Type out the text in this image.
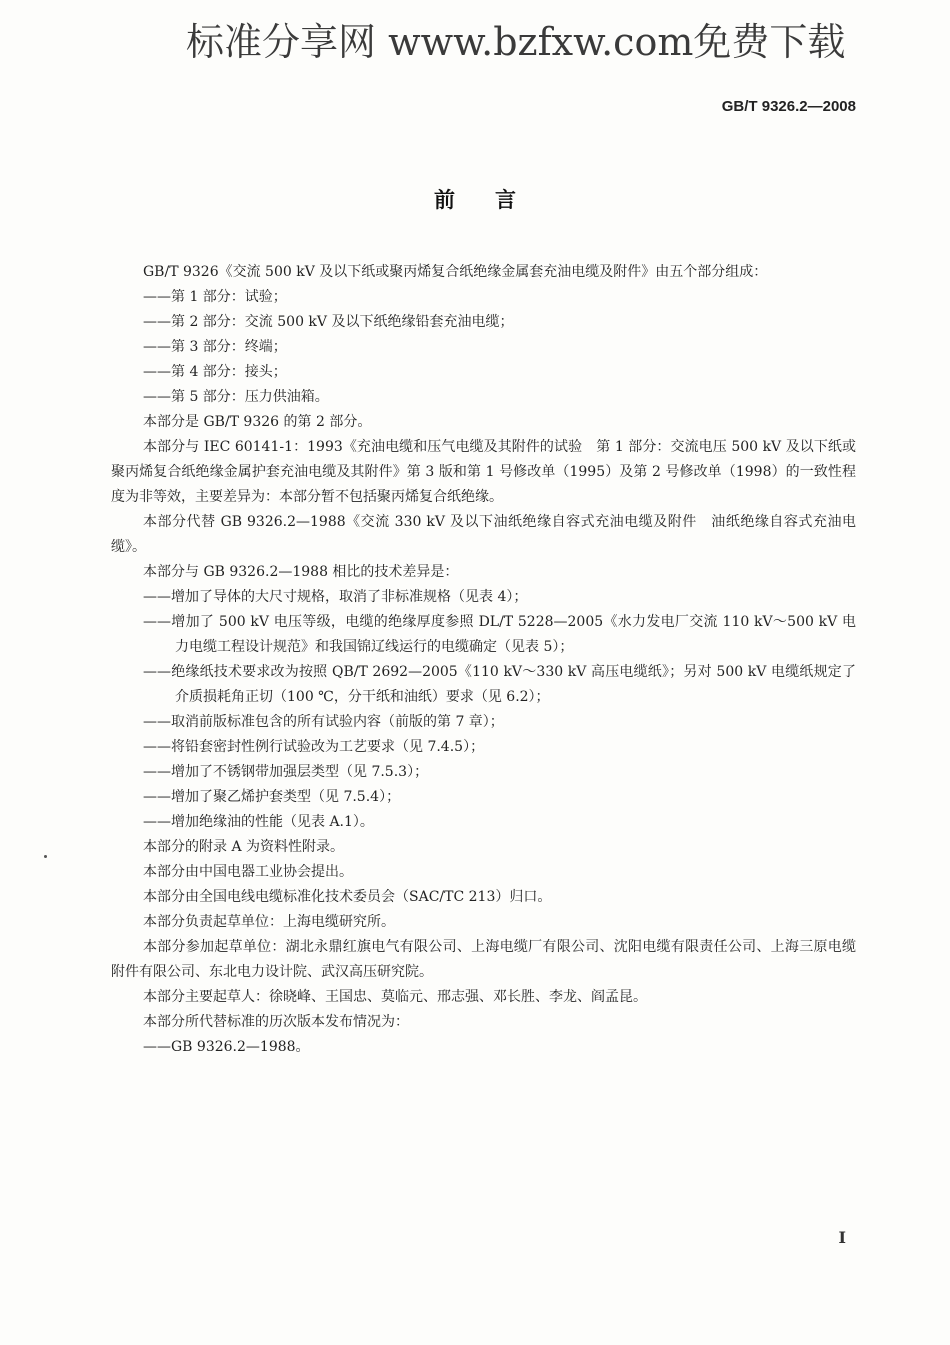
标准分享网 www.bzfxw.com免费下载
GB/T 9326.2—2008
前言

GB/T 9326《交流 500 kV 及以下纸或聚丙烯复合纸绝缘金属套充油电缆及附件》由五个部分组成：

——第 1 部分：试验；

——第 2 部分：交流 500 kV 及以下纸绝缘铅套充油电缆；

——第 3 部分：终端；

——第 4 部分：接头；

——第 5 部分：压力供油箱。

本部分是 GB/T 9326 的第 2 部分。

本部分与 IEC 60141-1：1993《充油电缆和压气电缆及其附件的试验　第 1 部分：交流电压 500 kV 及以下纸或聚丙烯复合纸绝缘金属护套充油电缆及其附件》第 3 版和第 1 号修改单（1995）及第 2 号修改单（1998）的一致性程度为非等效，主要差异为：本部分暂不包括聚丙烯复合纸绝缘。

本部分代替 GB 9326.2—1988《交流 330 kV 及以下油纸绝缘自容式充油电缆及附件　油纸绝缘自容式充油电缆》。

本部分与 GB 9326.2—1988 相比的技术差异是：

——增加了导体的大尺寸规格，取消了非标准规格（见表 4）；

——增加了 500 kV 电压等级，电缆的绝缘厚度参照 DL/T 5228—2005《水力发电厂交流 110 kV～500 kV 电力电缆工程设计规范》和我国锦辽线运行的电缆确定（见表 5）；

——绝缘纸技术要求改为按照 QB/T 2692—2005《110 kV～330 kV 高压电缆纸》；另对 500 kV 电缆纸规定了介质损耗角正切（100 ℃，分干纸和油纸）要求（见 6.2）；

——取消前版标准包含的所有试验内容（前版的第 7 章）；

——将铅套密封性例行试验改为工艺要求（见 7.4.5）；

——增加了不锈钢带加强层类型（见 7.5.3）；

——增加了聚乙烯护套类型（见 7.5.4）；

——增加绝缘油的性能（见表 A.1）。

本部分的附录 A 为资料性附录。

本部分由中国电器工业协会提出。

本部分由全国电线电缆标准化技术委员会（SAC/TC 213）归口。

本部分负责起草单位：上海电缆研究所。

本部分参加起草单位：湖北永鼎红旗电气有限公司、上海电缆厂有限公司、沈阳电缆有限责任公司、上海三原电缆附件有限公司、东北电力设计院、武汉高压研究院。

本部分主要起草人：徐晓峰、王国忠、莫临元、邢志强、邓长胜、李龙、阎孟昆。

本部分所代替标准的历次版本发布情况为：

——GB 9326.2—1988。

I
